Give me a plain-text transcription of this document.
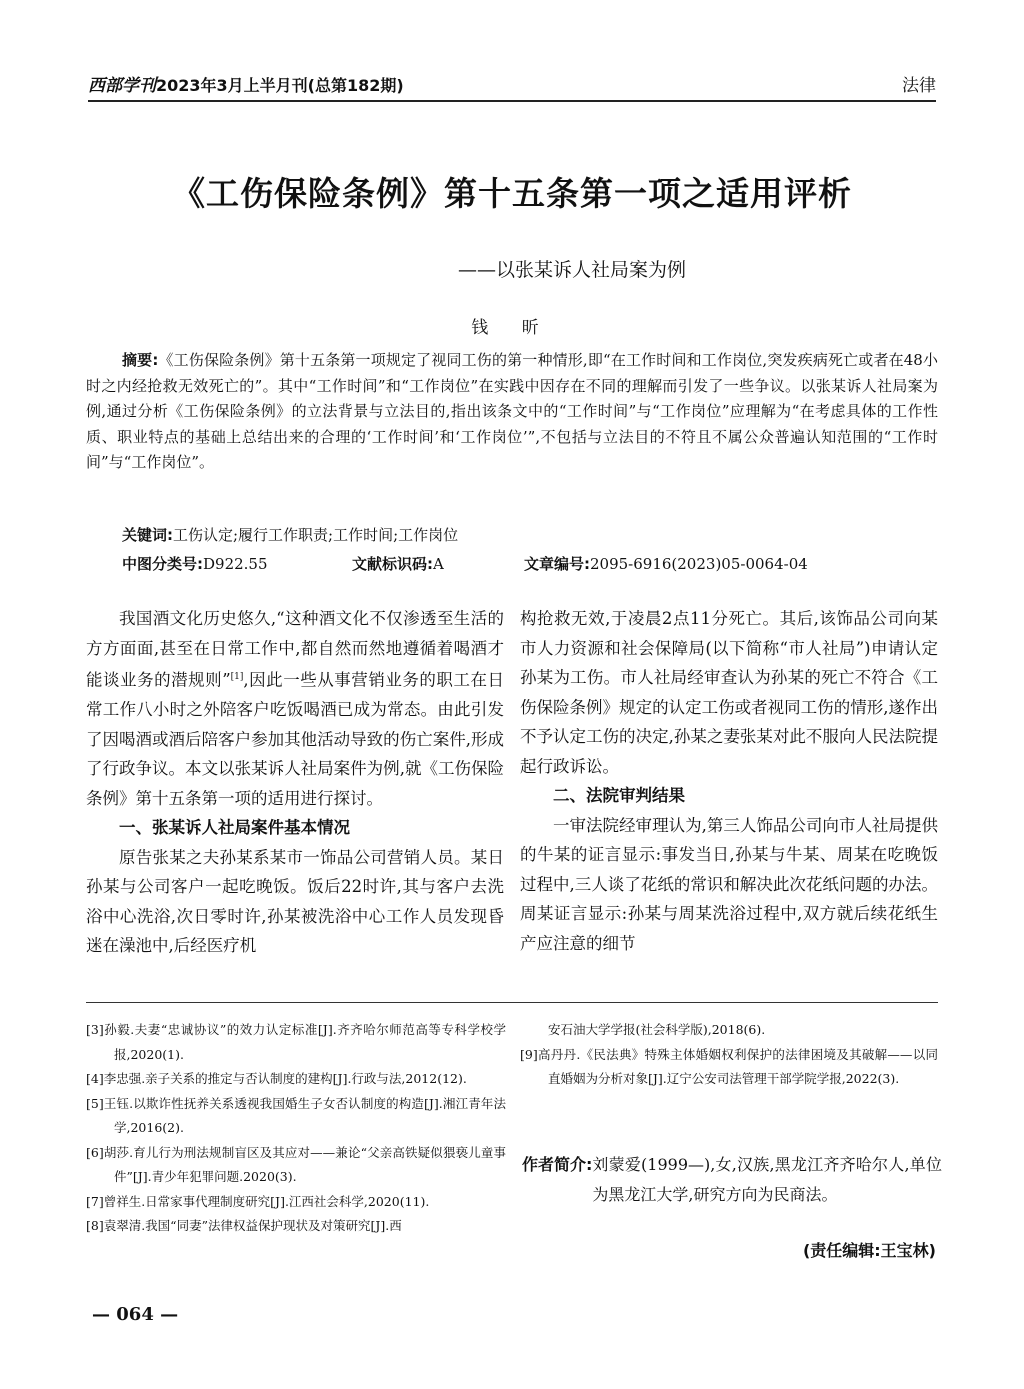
西部学刊2023年3月上半月刊(总第182期)	法律
《工伤保险条例》第十五条第一项之适用评析
——以张某诉人社局案为例
钱 昕
摘要:《工伤保险条例》第十五条第一项规定了视同工伤的第一种情形,即“在工作时间和工作岗位,突发疾病死亡或者在48小时之内经抢救无效死亡的”。其中“工作时间”和“工作岗位”在实践中因存在不同的理解而引发了一些争议。以张某诉人社局案为例,通过分析《工伤保险条例》的立法背景与立法目的,指出该条文中的“工作时间”与“工作岗位”应理解为“在考虑具体的工作性质、职业特点的基础上总结出来的合理的‘工作时间’和‘工作岗位’”,不包括与立法目的不符且不属公众普遍认知范围的“工作时间”与“工作岗位”。
关键词:工伤认定;履行工作职责;工作时间;工作岗位
中图分类号:D922.55	文献标识码:A	文章编号:2095-6916(2023)05-0064-04

我国酒文化历史悠久,“这种酒文化不仅渗透至生活的方方面面,甚至在日常工作中,都自然而然地遵循着喝酒才能谈业务的潜规则”[1],因此一些从事营销业务的职工在日常工作八小时之外陪客户吃饭喝酒已成为常态。由此引发了因喝酒或酒后陪客户参加其他活动导致的伤亡案件,形成了行政争议。本文以张某诉人社局案件为例,就《工伤保险条例》第十五条第一项的适用进行探讨。

一、张某诉人社局案件基本情况

原告张某之夫孙某系某市一饰品公司营销人员。某日孙某与公司客户一起吃晚饭。饭后22时许,其与客户去洗浴中心洗浴,次日零时许,孙某被洗浴中心工作人员发现昏迷在澡池中,后经医疗机

构抢救无效,于凌晨2点11分死亡。其后,该饰品公司向某市人力资源和社会保障局(以下简称“市人社局”)申请认定孙某为工伤。市人社局经审查认为孙某的死亡不符合《工伤保险条例》规定的认定工伤或者视同工伤的情形,遂作出不予认定工伤的决定,孙某之妻张某对此不服向人民法院提起行政诉讼。

二、法院审判结果

一审法院经审理认为,第三人饰品公司向市人社局提供的牛某的证言显示:事发当日,孙某与牛某、周某在吃晚饭过程中,三人谈了花纸的常识和解决此次花纸问题的办法。周某证言显示:孙某与周某洗浴过程中,双方就后续花纸生产应注意的细节

[3]孙毅.夫妻“忠诚协议”的效力认定标准[J].齐齐哈尔师范高等专科学校学报,2020(1).
[4]李忠强.亲子关系的推定与否认制度的建构[J].行政与法,2012(12).
[5]王钰.以欺诈性抚养关系透视我国婚生子女否认制度的构造[J].湘江青年法学,2016(2).
[6]胡莎.育儿行为刑法规制盲区及其应对——兼论“父亲高铁疑似猥亵儿童事件”[J].青少年犯罪问题.2020(3).
[7]曾祥生.日常家事代理制度研究[J].江西社会科学,2020(11).
[8]袁翠清.我国“同妻”法律权益保护现状及对策研究[J].西
安石油大学学报(社会科学版),2018(6).
[9]高丹丹.《民法典》特殊主体婚姻权利保护的法律困境及其破解——以同直婚姻为分析对象[J].辽宁公安司法管理干部学院学报,2022(3).
作者简介: 刘蒙爱(1999—),女,汉族,黑龙江齐齐哈尔人,单位为黑龙江大学,研究方向为民商法。
(责任编辑:王宝林)
— 064 —
